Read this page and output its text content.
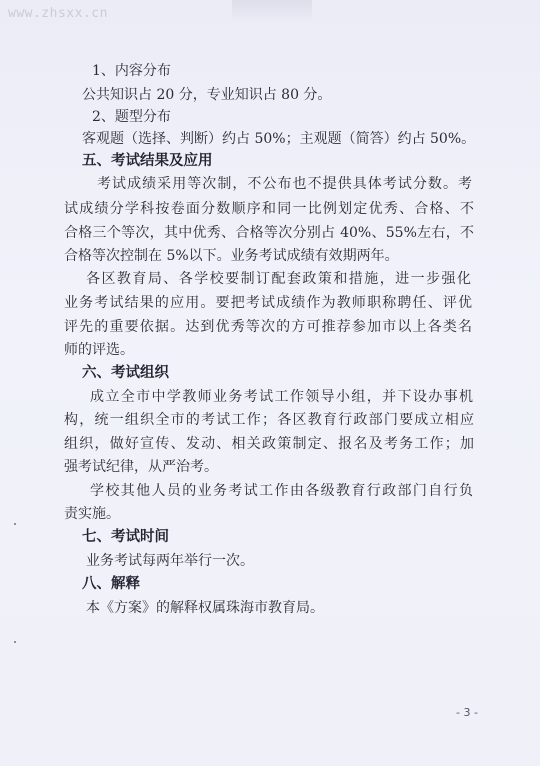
www.zhsxx.cn
1、内容分布
公共知识占 20 分，专业知识占 80 分。
2、题型分布
客观题（选择、判断）约占 50%；主观题（简答）约占 50%。
五、考试结果及应用
考试成绩采用等次制，不公布也不提供具体考试分数。考
试成绩分学科按卷面分数顺序和同一比例划定优秀、合格、不
合格三个等次，其中优秀、合格等次分别占 40%、55%左右，不
合格等次控制在 5%以下。业务考试成绩有效期两年。
各区教育局、各学校要制订配套政策和措施，进一步强化
业务考试结果的应用。要把考试成绩作为教师职称聘任、评优
评先的重要依据。达到优秀等次的方可推荐参加市以上各类名
师的评选。
六、考试组织
成立全市中学教师业务考试工作领导小组，并下设办事机
构，统一组织全市的考试工作；各区教育行政部门要成立相应
组织，做好宣传、发动、相关政策制定、报名及考务工作；加
强考试纪律，从严治考。
学校其他人员的业务考试工作由各级教育行政部门自行负
责实施。
七、考试时间
业务考试每两年举行一次。
八、解释
本《方案》的解释权属珠海市教育局。
- 3 -
